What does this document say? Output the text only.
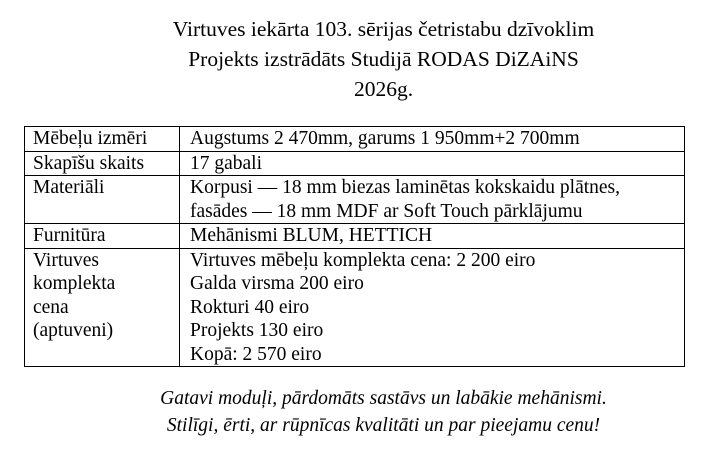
Virtuves iekārta 103. sērijas četristabu dzīvoklim
Projekts izstrādāts Studijā RODAS DiZAiNS
2026g.
Mēbeļu izmēri	Augstums 2 470mm, garums 1 950mm+2 700mm

Skapīšu skaits	17 gabali

Materiāli	Korpusi — 18 mm biezas laminētas kokskaidu plātnes,
fasādes — 18 mm MDF ar Soft Touch pārklājumu

Furnitūra	Mehānismi BLUM, HETTICH

Virtuves
komplekta
cena
(aptuveni)	Virtuves mēbeļu komplekta cena: 2 200 eiro
Galda virsma 200 eiro
Rokturi 40 eiro
Projekts 130 eiro
Kopā: 2 570 eiro
Gatavi moduļi, pārdomāts sastāvs un labākie mehānismi.
Stilīgi, ērti, ar rūpnīcas kvalitāti un par pieejamu cenu!
